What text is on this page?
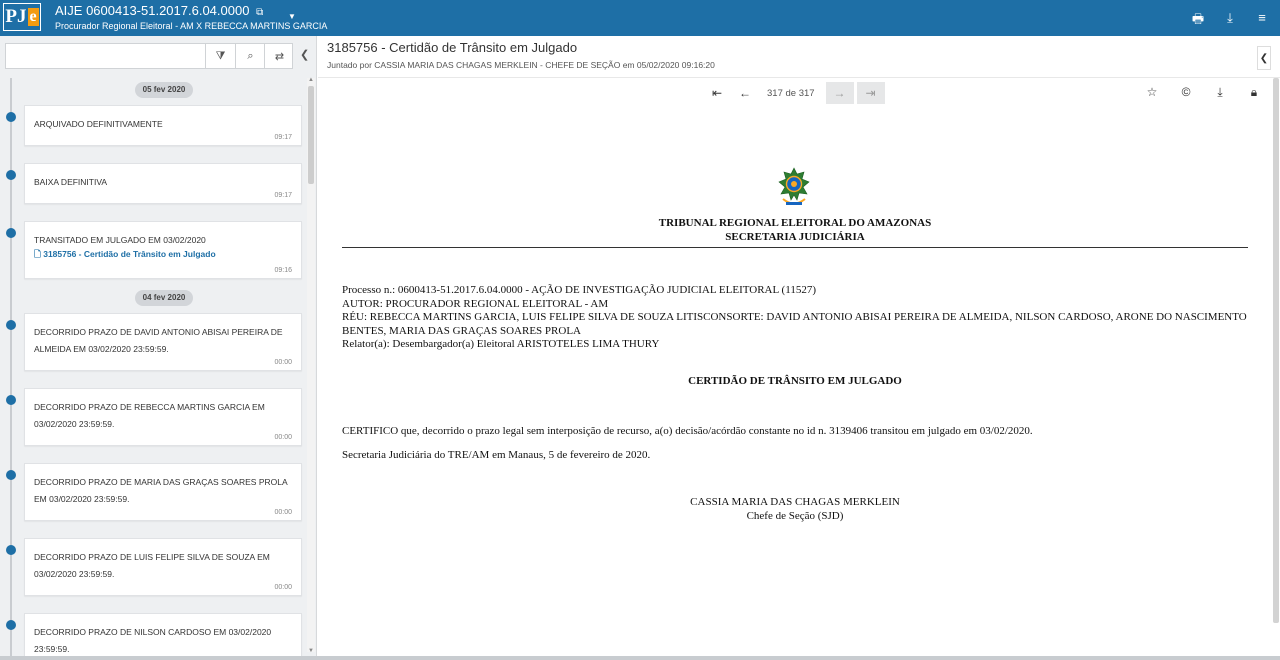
PJ e AIJE 0600413-51.2017.6.04.0000 ⧉
Procurador Regional Eleitoral - AM X REBECCA MARTINS GARCIA
▼	🖶	⤓	≡
⧩	⌕	⇄	❮
05 fev 2020
ARQUIVADO DEFINITIVAMENTE
09:17
BAIXA DEFINITIVA
09:17
TRANSITADO EM JULGADO EM 03/02/2020
🗋 3185756 - Certidão de Trânsito em Julgado
09:16
04 fev 2020
DECORRIDO PRAZO DE DAVID ANTONIO ABISAI PEREIRA DE ALMEIDA EM 03/02/2020 23:59:59.
00:00
DECORRIDO PRAZO DE REBECCA MARTINS GARCIA EM 03/02/2020 23:59:59.
00:00
DECORRIDO PRAZO DE MARIA DAS GRAÇAS SOARES PROLA EM 03/02/2020 23:59:59.
00:00
DECORRIDO PRAZO DE LUIS FELIPE SILVA DE SOUZA EM 03/02/2020 23:59:59.
00:00
DECORRIDO PRAZO DE NILSON CARDOSO EM 03/02/2020 23:59:59.
▲
▼
3185756 - Certidão de Trânsito em Julgado
Juntado por CASSIA MARIA DAS CHAGAS MERKLEIN - CHEFE DE SEÇÃO em 05/02/2020 09:16:20
❮
⇤	←	317 de 317	→	⇥	☆ © ⤓ 🔒︎
TRIBUNAL REGIONAL ELEITORAL DO AMAZONAS
SECRETARIA JUDICIÁRIA
Processo n.: 0600413-51.2017.6.04.0000 - AÇÃO DE INVESTIGAÇÃO JUDICIAL ELEITORAL (11527)
AUTOR: PROCURADOR REGIONAL ELEITORAL - AM
RÉU: REBECCA MARTINS GARCIA, LUIS FELIPE SILVA DE SOUZA LITISCONSORTE: DAVID ANTONIO ABISAI PEREIRA DE ALMEIDA, NILSON CARDOSO, ARONE DO NASCIMENTO BENTES, MARIA DAS GRAÇAS SOARES PROLA
Relator(a): Desembargador(a) Eleitoral ARISTOTELES LIMA THURY
CERTIDÃO DE TRÂNSITO EM JULGADO
CERTIFICO que, decorrido o prazo legal sem interposição de recurso, a(o) decisão/acórdão constante no id n. 3139406 transitou em julgado em 03/02/2020.
Secretaria Judiciária do TRE/AM em Manaus, 5 de fevereiro de 2020.
CASSIA MARIA DAS CHAGAS MERKLEIN
Chefe de Seção (SJD)
